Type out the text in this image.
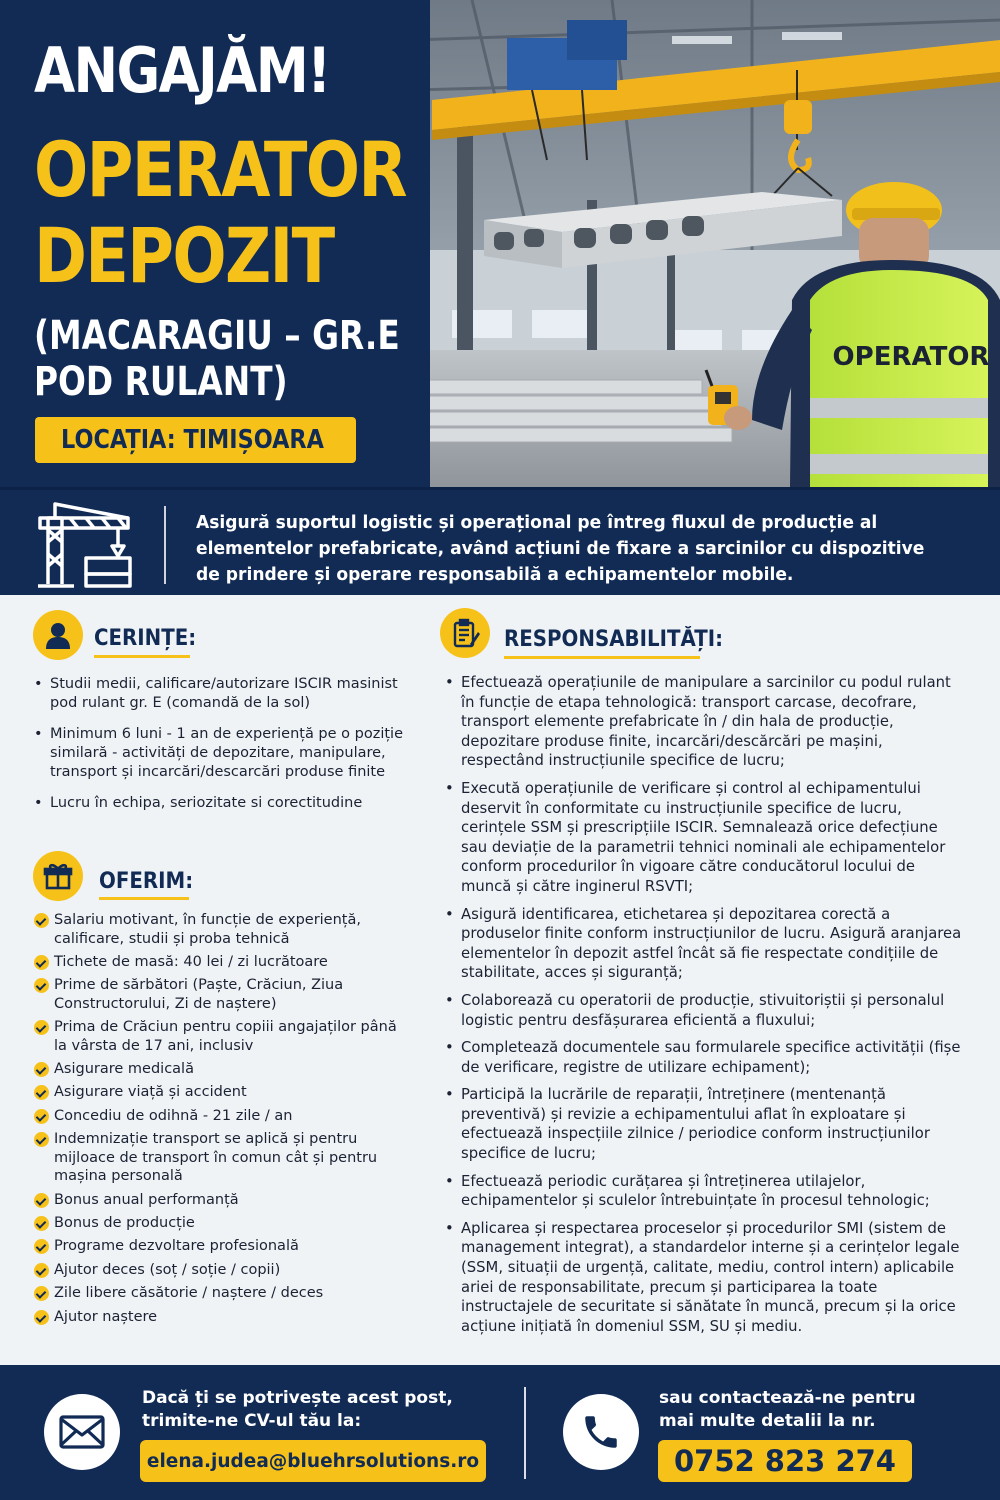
OPERATOR
ANGAJĂM!
OPERATOR
DEPOZIT
(MACARAGIU – GR.E
POD RULANT)
LOCAȚIA: TIMIȘOARA
Asigură suportul logistic și operațional pe întreg fluxul de producție al elementelor prefabricate, având acțiuni de fixare a sarcinilor cu dispozitive de prindere și operare responsabilă a echipamentelor mobile.
CERINȚE:
• Studii medii, calificare/autorizare ISCIR masinist pod rulant gr. E (comandă de la sol)
• Minimum 6 luni - 1 an de experiență pe o poziție similară - activități de depozitare, manipulare, transport și incarcări/descarcări produse finite
• Lucru în echipa, seriozitate si corectitudine
OFERIM:
Salariu motivant, în funcție de experiență, calificare, studii și proba tehnică
Tichete de masă: 40 lei / zi lucrătoare
Prime de sărbători (Paște, Crăciun, Ziua Constructorului, Zi de naștere)
Prima de Crăciun pentru copiii angajaților până la vârsta de 17 ani, inclusiv
Asigurare medicală
Asigurare viață și accident
Concediu de odihnă - 21 zile / an
Indemnizație transport se aplică și pentru mijloace de transport în comun cât și pentru mașina personală
Bonus anual performanță
Bonus de producție
Programe dezvoltare profesională
Ajutor deces (soț / soție / copii)
Zile libere căsătorie / naștere / deces
Ajutor naștere
RESPONSABILITĂȚI:
• Efectuează operațiunile de manipulare a sarcinilor cu podul rulant în funcție de etapa tehnologică: transport carcase, decofrare, transport elemente prefabricate în / din hala de producție, depozitare produse finite, incarcări/descărcări pe mașini, respectând instrucțiunile specifice de lucru;
• Execută operațiunile de verificare și control al echipamentului deservit în conformitate cu instrucțiunile specifice de lucru, cerințele SSM și prescripțiile ISCIR. Semnalează orice defecțiune sau deviație de la parametrii tehnici nominali ale echipamentelor conform procedurilor în vigoare către conducătorul locului de muncă și către inginerul RSVTI;
• Asigură identificarea, etichetarea și depozitarea corectă a produselor finite conform instrucțiunilor de lucru. Asigură aranjarea elementelor în depozit astfel încât să fie respectate condițiile de stabilitate, acces și siguranță;
• Colaborează cu operatorii de producție, stivuitoriștii și personalul logistic pentru desfășurarea eficientă a fluxului;
• Completează documentele sau formularele specifice activității (fișe de verificare, registre de utilizare echipament);
• Participă la lucrările de reparații, întreținere (mentenanță preventivă) și revizie a echipamentului aflat în exploatare și efectuează inspecțiile zilnice / periodice conform instrucțiunilor specifice de lucru;
• Efectuează periodic curățarea și întreținerea utilajelor, echipamentelor și sculelor întrebuințate în procesul tehnologic;
• Aplicarea și respectarea proceselor și procedurilor SMI (sistem de management integrat), a standardelor interne și a cerințelor legale (SSM, situații de urgență, calitate, mediu, control intern) aplicabile ariei de responsabilitate, precum și participarea la toate instructajele de securitate si sănătate în muncă, precum și la orice acțiune inițiată în domeniul SSM, SU și mediu.
Dacă ți se potrivește acest post,
trimite-ne CV-ul tău la:
elena.judea@bluehrsolutions.ro
sau contactează-ne pentru
mai multe detalii la nr.
0752 823 274
